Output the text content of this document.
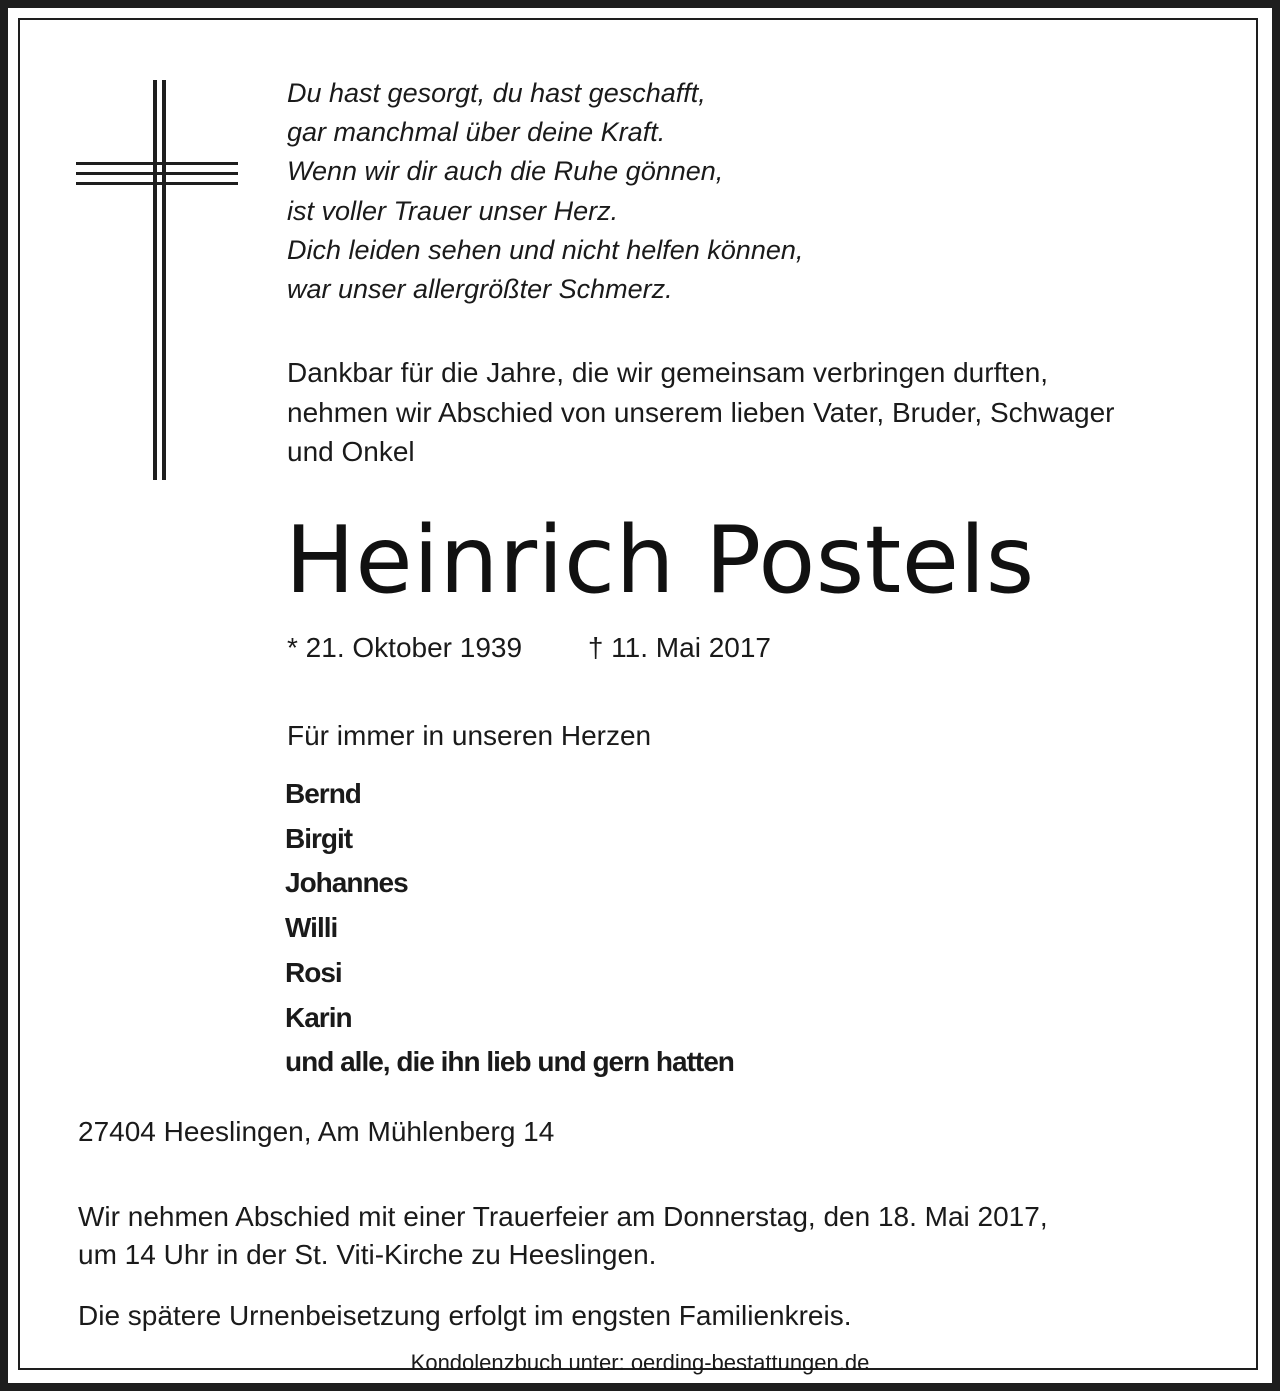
Du hast gesorgt, du hast geschafft,
gar manchmal über deine Kraft.
Wenn wir dir auch die Ruhe gönnen,
ist voller Trauer unser Herz.
Dich leiden sehen und nicht helfen können,
war unser allergrößter Schmerz.
Dankbar für die Jahre, die wir gemeinsam verbringen durften,
nehmen wir Abschied von unserem lieben Vater, Bruder, Schwager
und Onkel
Heinrich Postels
* 21. Oktober 1939 † 11. Mai 2017
Für immer in unseren Herzen
Bernd
Birgit
Johannes
Willi
Rosi
Karin
und alle, die ihn lieb und gern hatten
27404 Heeslingen, Am Mühlenberg 14
Wir nehmen Abschied mit einer Trauerfeier am Donnerstag, den 18. Mai 2017,
um 14 Uhr in der St. Viti-Kirche zu Heeslingen.
Die spätere Urnenbeisetzung erfolgt im engsten Familienkreis.
Kondolenzbuch unter: oerding-bestattungen.de
